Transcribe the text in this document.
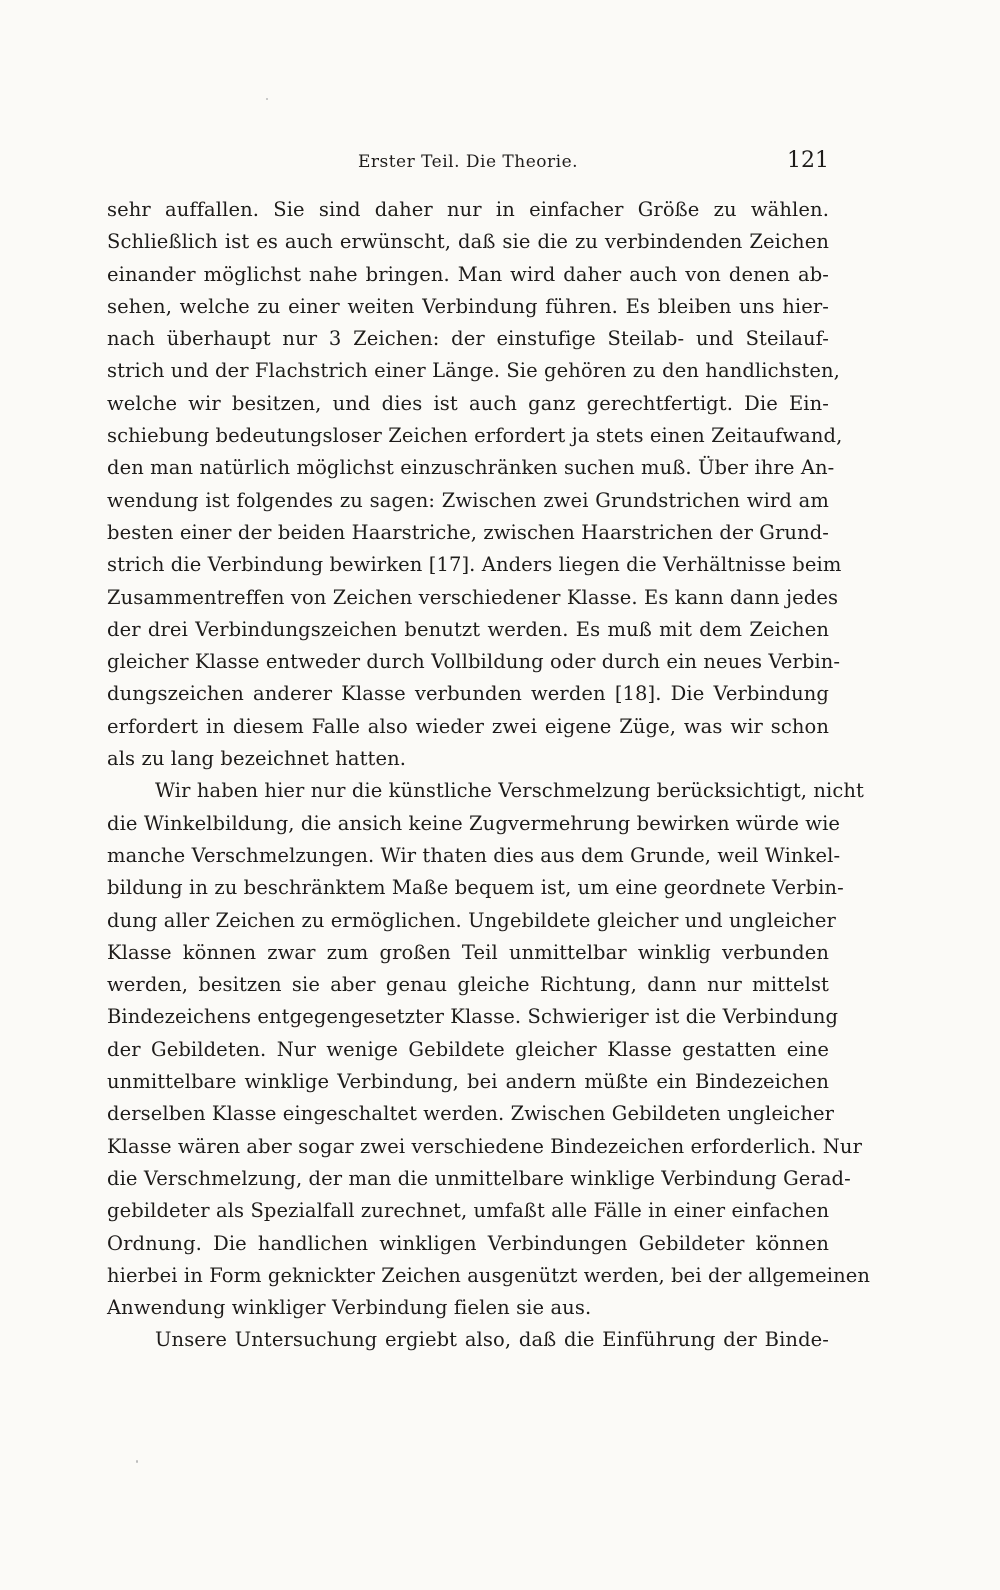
Erster Teil. Die Theorie.	121
sehr auffallen. Sie sind daher nur in einfacher Größe zu wählen.
Schließlich ist es auch erwünscht, daß sie die zu verbindenden Zeichen
einander möglichst nahe bringen. Man wird daher auch von denen ab-
sehen, welche zu einer weiten Verbindung führen. Es bleiben uns hier-
nach überhaupt nur 3 Zeichen: der einstufige Steilab- und Steilauf-
strich und der Flachstrich einer Länge. Sie gehören zu den handlichsten,
welche wir besitzen, und dies ist auch ganz gerechtfertigt. Die Ein-
schiebung bedeutungsloser Zeichen erfordert ja stets einen Zeitaufwand,
den man natürlich möglichst einzuschränken suchen muß. Über ihre An-
wendung ist folgendes zu sagen: Zwischen zwei Grundstrichen wird am
besten einer der beiden Haarstriche, zwischen Haarstrichen der Grund-
strich die Verbindung bewirken [17]. Anders liegen die Verhältnisse beim
Zusammentreffen von Zeichen verschiedener Klasse. Es kann dann jedes
der drei Verbindungszeichen benutzt werden. Es muß mit dem Zeichen
gleicher Klasse entweder durch Vollbildung oder durch ein neues Verbin-
dungszeichen anderer Klasse verbunden werden [18]. Die Verbindung
erfordert in diesem Falle also wieder zwei eigene Züge, was wir schon
als zu lang bezeichnet hatten.
Wir haben hier nur die künstliche Verschmelzung berücksichtigt, nicht
die Winkelbildung, die ansich keine Zugvermehrung bewirken würde wie
manche Verschmelzungen. Wir thaten dies aus dem Grunde, weil Winkel-
bildung in zu beschränktem Maße bequem ist, um eine geordnete Verbin-
dung aller Zeichen zu ermöglichen. Ungebildete gleicher und ungleicher
Klasse können zwar zum großen Teil unmittelbar winklig verbunden
werden, besitzen sie aber genau gleiche Richtung, dann nur mittelst
Bindezeichens entgegengesetzter Klasse. Schwieriger ist die Verbindung
der Gebildeten. Nur wenige Gebildete gleicher Klasse gestatten eine
unmittelbare winklige Verbindung, bei andern müßte ein Bindezeichen
derselben Klasse eingeschaltet werden. Zwischen Gebildeten ungleicher
Klasse wären aber sogar zwei verschiedene Bindezeichen erforderlich. Nur
die Verschmelzung, der man die unmittelbare winklige Verbindung Gerad-
gebildeter als Spezialfall zurechnet, umfaßt alle Fälle in einer einfachen
Ordnung. Die handlichen winkligen Verbindungen Gebildeter können
hierbei in Form geknickter Zeichen ausgenützt werden, bei der allgemeinen
Anwendung winkliger Verbindung fielen sie aus.
Unsere Untersuchung ergiebt also, daß die Einführung der Binde-
